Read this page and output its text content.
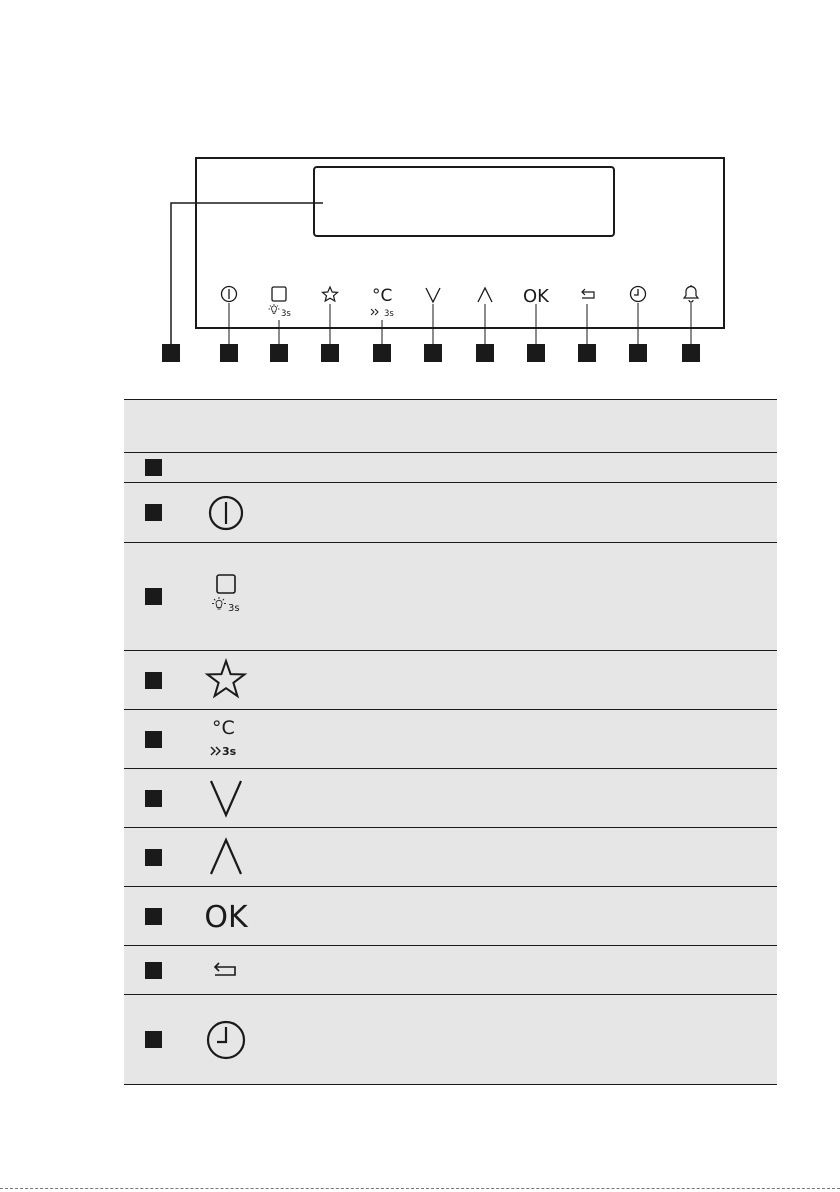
3s
°C
3s
OK
3s
°C
3s
OK
